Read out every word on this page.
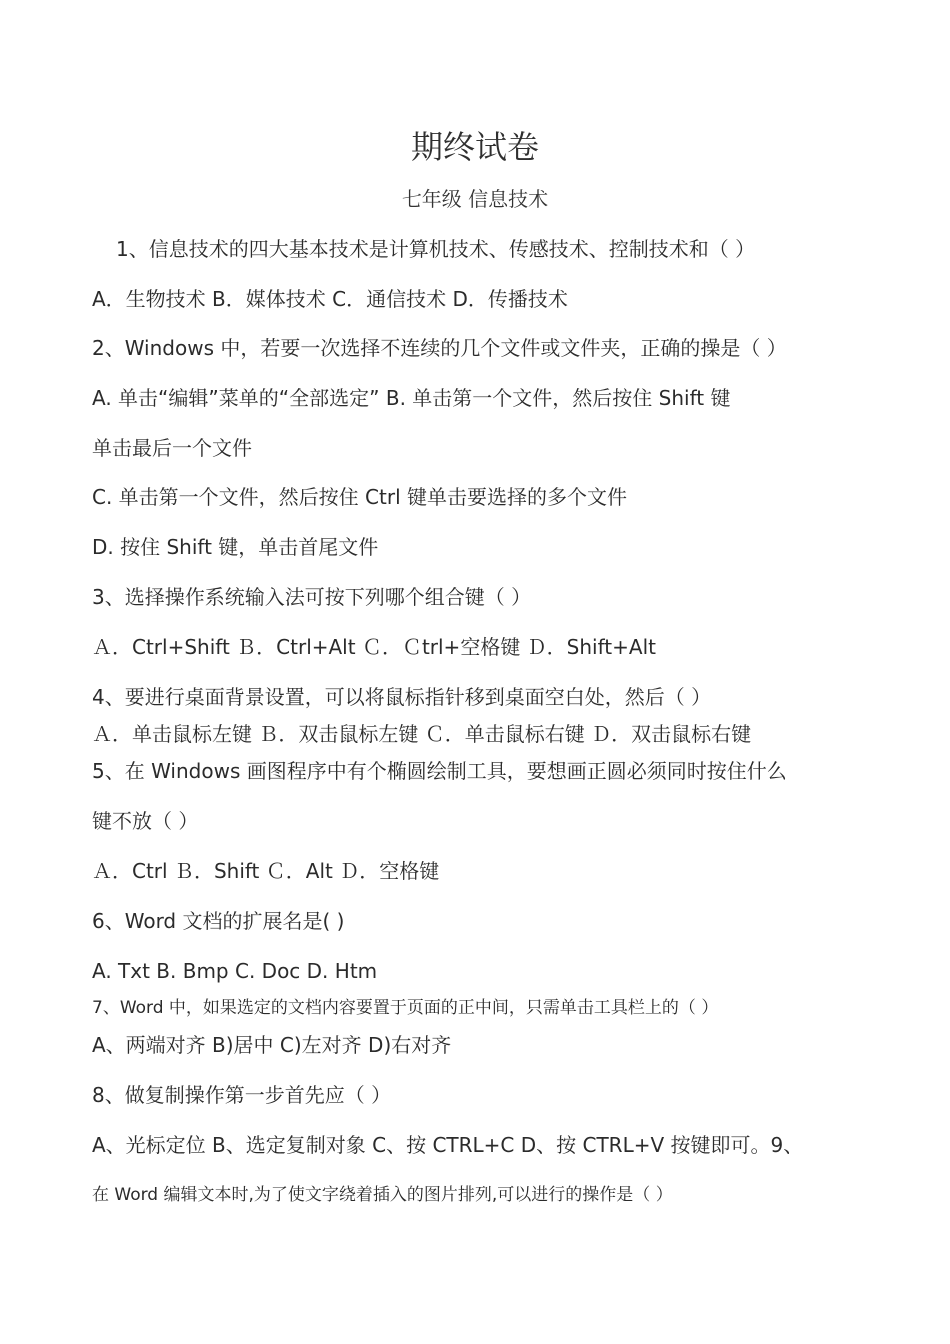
期终试卷
七年级 信息技术
1、信息技术的四大基本技术是计算机技术、传感技术、控制技术和（ ）
A．生物技术 B．媒体技术 C．通信技术 D．传播技术
2、Windows 中，若要一次选择不连续的几个文件或文件夹，正确的操是（ ）
A. 单击“编辑”菜单的“全部选定” B. 单击第一个文件，然后按住 Shift 键
单击最后一个文件
C. 单击第一个文件，然后按住 Ctrl 键单击要选择的多个文件
D. 按住 Shift 键，单击首尾文件
3、选择操作系统输入法可按下列哪个组合键（ ）
Ａ．Ctrl+Shift Ｂ．Ctrl+Alt Ｃ．Ｃtrl+空格键 Ｄ．Shift+Alt
4、要进行桌面背景设置，可以将鼠标指针移到桌面空白处，然后（ ）
Ａ．单击鼠标左键 Ｂ．双击鼠标左键 Ｃ．单击鼠标右键 Ｄ．双击鼠标右键
5、在 Windows 画图程序中有个椭圆绘制工具，要想画正圆必须同时按住什么
键不放（ ）
Ａ．Ctrl Ｂ．Shift Ｃ．Alt Ｄ．空格键
6、Word 文档的扩展名是( )
A. Txt B. Bmp C. Doc D. Htm
7、Word 中，如果选定的文档内容要置于页面的正中间，只需单击工具栏上的（ ）
A、两端对齐 B)居中 C)左对齐 D)右对齐
8、做复制操作第一步首先应（ ）
A、光标定位 B、选定复制对象 C、按 CTRL+C D、按 CTRL+V 按键即可。9、
在 Word 编辑文本时,为了使文字绕着插入的图片排列,可以进行的操作是（ ）
